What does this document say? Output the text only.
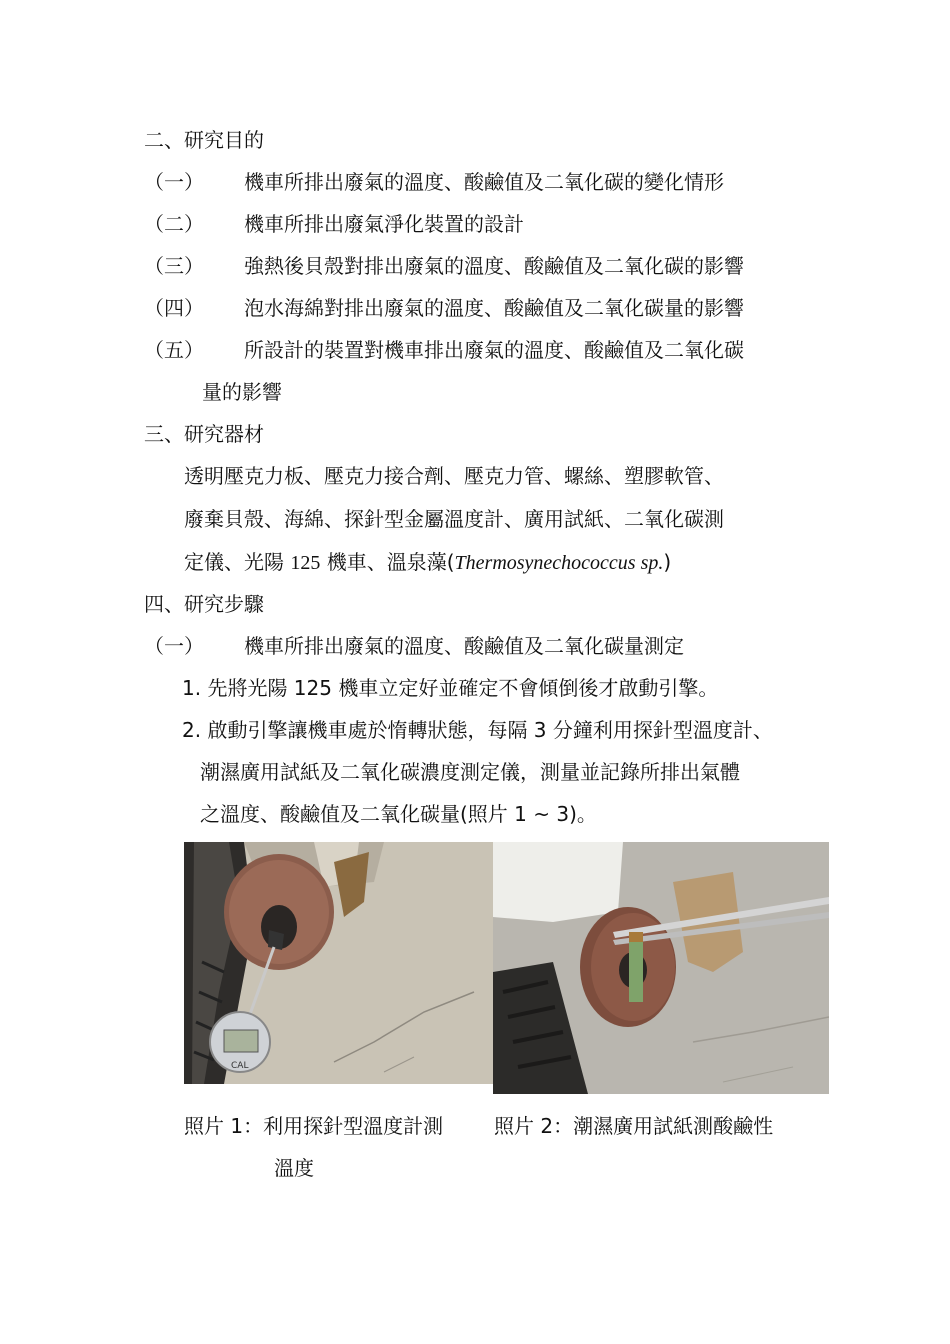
二、研究目的
（一） 機車所排出廢氣的溫度、酸鹼值及二氧化碳的變化情形
（二） 機車所排出廢氣淨化裝置的設計
（三） 強熱後貝殼對排出廢氣的溫度、酸鹼值及二氧化碳的影響
（四） 泡水海綿對排出廢氣的溫度、酸鹼值及二氧化碳量的影響
（五） 所設計的裝置對機車排出廢氣的溫度、酸鹼值及二氧化碳
量的影響
三、研究器材
透明壓克力板、壓克力接合劑、壓克力管、螺絲、塑膠軟管、
廢棄貝殼、海綿、探針型金屬溫度計、廣用試紙、二氧化碳測
定儀、光陽 125 機車、溫泉藻(Thermosynechococcus sp.)
四、研究步驟
（一） 機車所排出廢氣的溫度、酸鹼值及二氧化碳量測定
1. 先將光陽 125 機車立定好並確定不會傾倒後才啟動引擎。
2. 啟動引擎讓機車處於惰轉狀態，每隔 3 分鐘利用探針型溫度計、
潮濕廣用試紙及二氧化碳濃度測定儀，測量並記錄所排出氣體
之溫度、酸鹼值及二氧化碳量(照片 1 ~ 3)。
CAL
照片 1：利用探針型溫度計測
溫度
照片 2：潮濕廣用試紙測酸鹼性
